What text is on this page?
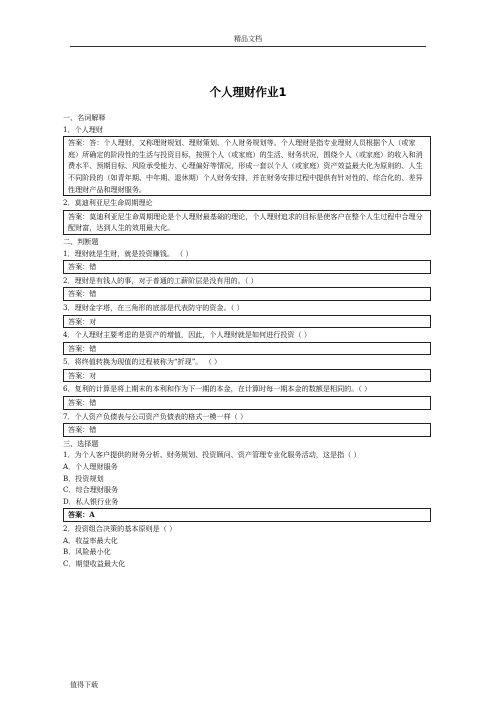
精品文档
个人理财作业1
一、名词解释
1．个人理财
答案：答：个人理财，又称理财规划、理财策划、个人财务规划等。个人理财是指专业理财人员根据个人（或家庭）所确定的阶段性的生活与投资目标，按照个人（或家庭）的生活、财务状况，围绕个人（或家庭）的收入和消费水平、预期目标、风险承受能力、心理偏好等情况，形成一套以个人（或家庭）资产效益最大化为原则的、人生不同阶段的（如青年期、中年期、退休期）个人财务安排，并在财务安排过程中提供有针对性的、综合化的、差异性理财产品和理财服务。
2．莫迪利亚尼生命周期理论
答案：莫迪利亚尼生命周期理论是个人理财最基础的理论，个人理财追求的目标是使客户在整个人生过程中合理分配财富，达到人生的效用最大化。
二、判断题
1．理财就是生财，就是投资赚钱。 （ ）
答案：错
2．理财是有钱人的事，对于普通的工薪阶层是没有用的。（ ）
答案：错
3．理财金字塔，在三角形的底部是代表防守的资金。（ ）
答案：对
4．个人理财主要考虑的是资产的增值，因此，个人理财就是如何进行投资（ ）
答案：错
5．将终值转换为现值的过程被称为“折现”。 （ ）
答案：对
6．复利的计算是将上期末的本利和作为下一期的本金，在计算时每一期本金的数额是相同的。（ ）
答案：错
7．个人资产负债表与公司资产负债表的格式一模一样（ ）
答案：错
三、选择题
1．为个人客户提供的财务分析、财务规划、投资顾问、资产管理专业化服务活动，这是指（ ）
A．个人理财服务
B．投资规划
C．综合理财服务
D．私人银行业务
答案：A
2．投资组合决策的基本原则是（ ）
A．收益率最大化
B．风险最小化
C．期望收益最大化
值得下载
